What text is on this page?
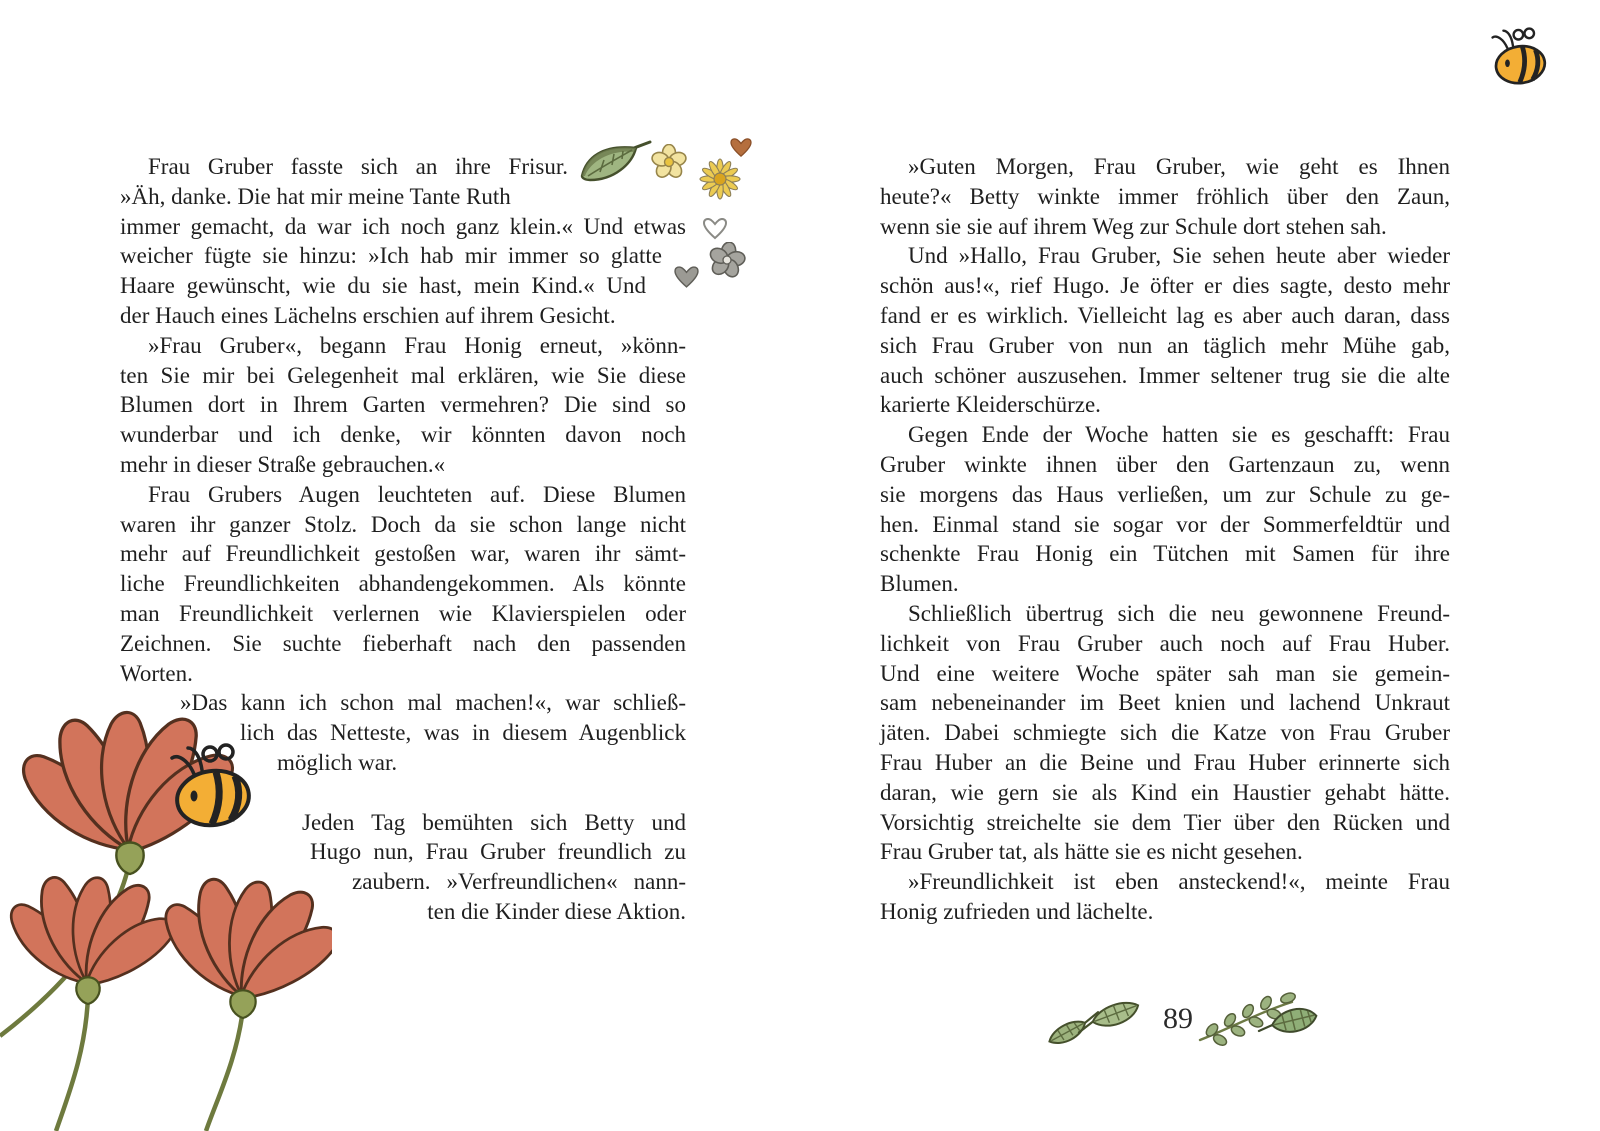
Frau Gruber fasste sich an ihre Frisur.
»Äh, danke. Die hat mir meine Tante Ruth
immer gemacht, da war ich noch ganz klein.« Und etwas
weicher fügte sie hinzu: »Ich hab mir immer so glatte
Haare gewünscht, wie du sie hast, mein Kind.« Und
der Hauch eines Lächelns erschien auf ihrem Gesicht.

»Frau Gruber«, begann Frau Honig erneut, »könn-
ten Sie mir bei Gelegenheit mal erklären, wie Sie diese
Blumen dort in Ihrem Garten vermehren? Die sind so
wunderbar und ich denke, wir könnten davon noch
mehr in dieser Straße gebrauchen.«

Frau Grubers Augen leuchteten auf. Diese Blumen
waren ihr ganzer Stolz. Doch da sie schon lange nicht
mehr auf Freundlichkeit gestoßen war, waren ihr sämt-
liche Freundlichkeiten abhandengekommen. Als könnte
man Freundlichkeit verlernen wie Klavierspielen oder
Zeichnen. Sie suchte fieberhaft nach den passenden
Worten.

»Das kann ich schon mal machen!«, war schließ-
lich das Netteste, was in diesem Augenblick
möglich war.

Jeden Tag bemühten sich Betty und
Hugo nun, Frau Gruber freundlich zu
zaubern. »Verfreundlichen« nann-
ten die Kinder diese Aktion.

»Guten Morgen, Frau Gruber, wie geht es Ihnen
heute?« Betty winkte immer fröhlich über den Zaun,
wenn sie sie auf ihrem Weg zur Schule dort stehen sah.

Und »Hallo, Frau Gruber, Sie sehen heute aber wieder
schön aus!«, rief Hugo. Je öfter er dies sagte, desto mehr
fand er es wirklich. Vielleicht lag es aber auch daran, dass
sich Frau Gruber von nun an täglich mehr Mühe gab,
auch schöner auszusehen. Immer seltener trug sie die alte
karierte Kleiderschürze.

Gegen Ende der Woche hatten sie es geschafft: Frau
Gruber winkte ihnen über den Gartenzaun zu, wenn
sie morgens das Haus verließen, um zur Schule zu ge-
hen. Einmal stand sie sogar vor der Sommerfeldtür und
schenkte Frau Honig ein Tütchen mit Samen für ihre
Blumen.

Schließlich übertrug sich die neu gewonnene Freund-
lichkeit von Frau Gruber auch noch auf Frau Huber.
Und eine weitere Woche später sah man sie gemein-
sam nebeneinander im Beet knien und lachend Unkraut
jäten. Dabei schmiegte sich die Katze von Frau Gruber
Frau Huber an die Beine und Frau Huber erinnerte sich
daran, wie gern sie als Kind ein Haustier gehabt hätte.
Vorsichtig streichelte sie dem Tier über den Rücken und
Frau Gruber tat, als hätte sie es nicht gesehen.

»Freundlichkeit ist eben ansteckend!«, meinte Frau
Honig zufrieden und lächelte.

89
